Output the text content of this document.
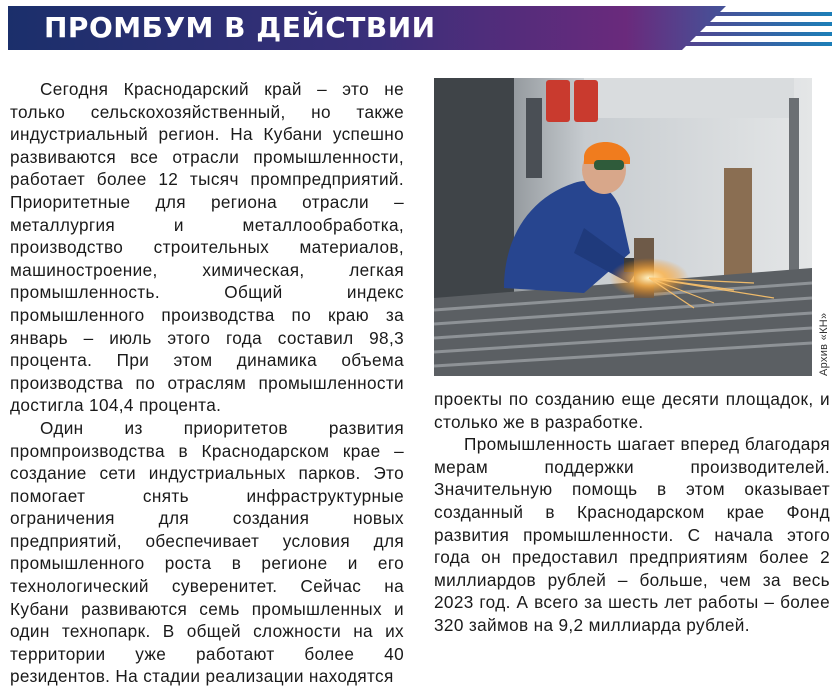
ПРОМБУМ В ДЕЙСТВИИ

Сегодня Краснодарский край – это не только сельскохозяйственный, но также индустриальный регион. На Кубани успешно развиваются все отрасли промышленности, работает более 12 тысяч промпредприятий. Приоритетные для региона отрасли – металлургия и металлообработка, производство строительных материалов, машиностроение, химическая, легкая промышленность. Общий индекс промышленного производства по краю за январь – июль этого года составил 98,3 процента. При этом динамика объема производства по отраслям промышленности достигла 104,4 процента.

Один из приоритетов развития промпроизводства в Краснодарском крае – создание сети индустриальных парков. Это помогает снять инфраструктурные ограничения для создания новых предприятий, обеспечивает условия для промышленного роста в регионе и его технологический суверенитет. Сейчас на Кубани развиваются семь промышленных и один технопарк. В общей сложности на их территории уже работают более 40 резидентов. На стадии реализации находятся

Архив «КН»

проекты по созданию еще десяти площадок, и столько же в разработке.

Промышленность шагает вперед благодаря мерам поддержки производителей. Значительную помощь в этом оказывает созданный в Краснодарском крае Фонд развития промышленности. С начала этого года он предоставил предприятиям более 2 миллиардов рублей – больше, чем за весь 2023 год. А всего за шесть лет работы – более 320 займов на 9,2 миллиарда рублей.
